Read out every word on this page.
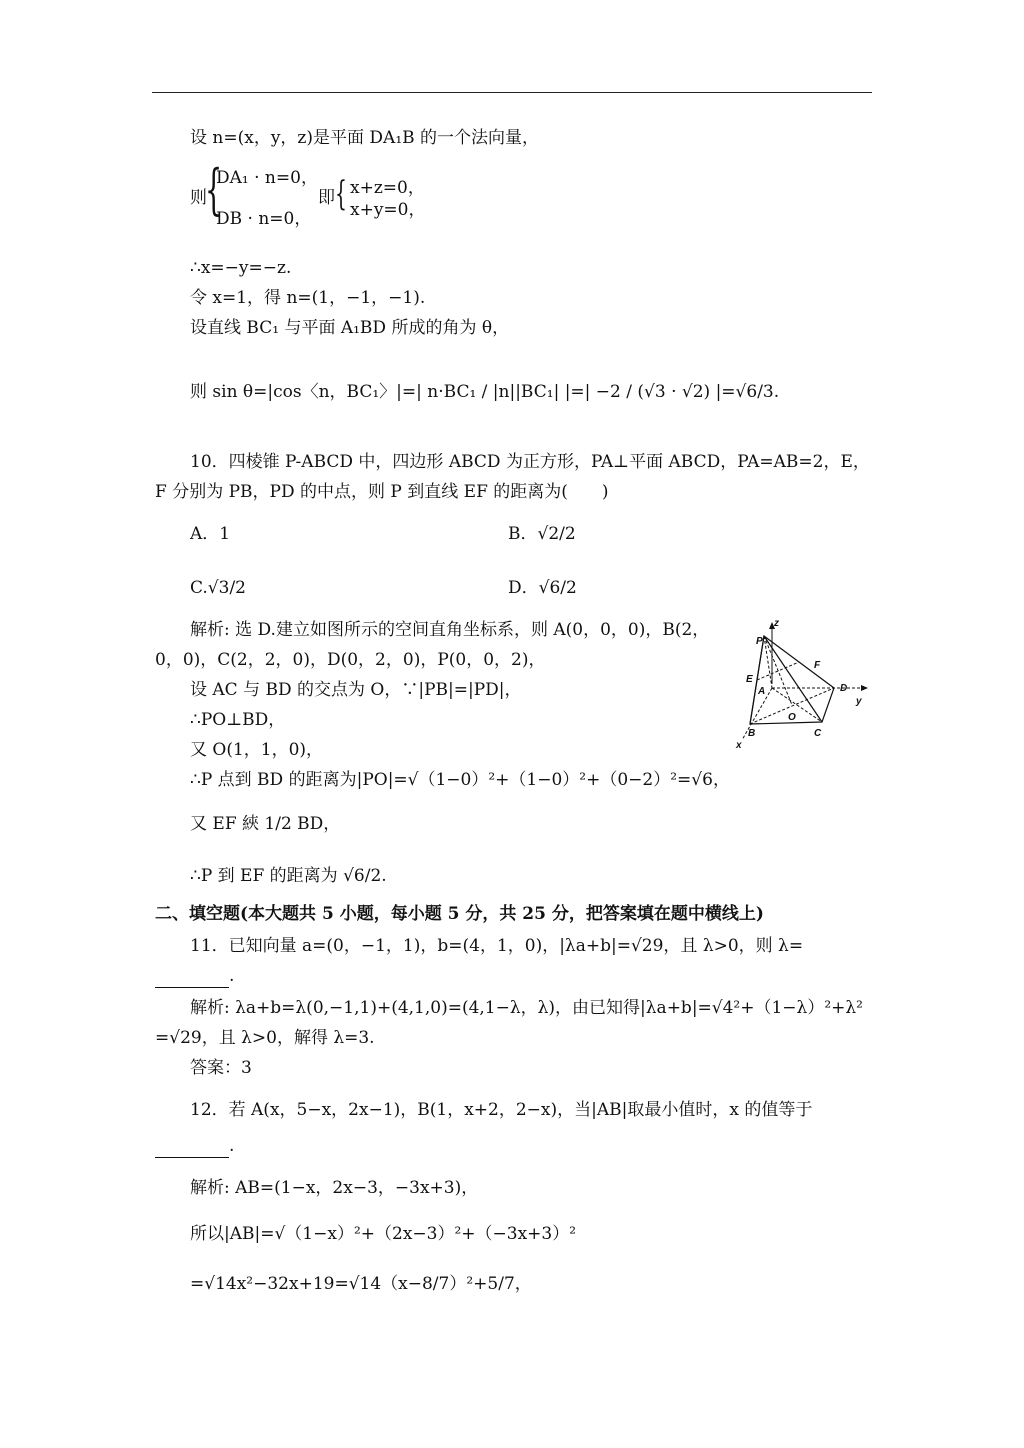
设 n=(x，y，z)是平面 DA₁B 的一个法向量，
则
{
DA₁ · n=0，
DB · n=0，
即 { x+z=0，
x+y=0，
∴x=−y=−z.
令 x=1，得 n=(1，−1，−1).
设直线 BC₁ 与平面 A₁BD 所成的角为 θ，
则 sin θ=|cos〈n，BC₁〉|=| n·BC₁ / |n||BC₁| |=| −2 / (√3 · √2) |=√6/3.
10．四棱锥 P-ABCD 中，四边形 ABCD 为正方形，PA⊥平面 ABCD，PA=AB=2，E，
F 分别为 PB，PD 的中点，则 P 到直线 EF 的距离为(　　)
A．1	B．√2/2
C.√3/2	D．√6/2
解析: 选 D.建立如图所示的空间直角坐标系，则 A(0，0，0)，B(2，
0，0)，C(2，2，0)，D(0，2，0)，P(0，0，2)，
设 AC 与 BD 的交点为 O，∵|PB|=|PD|，
∴PO⊥BD，
又 O(1，1，0)，
∴P 点到 BD 的距离为|PO|=√（1−0）²+（1−0）²+（0−2）²=√6，
又 EF 綊 1/2 BD，
∴P 到 EF 的距离为 √6/2.
z
P
F
E
A	D
y
O
B	C
x
二、填空题(本大题共 5 小题，每小题 5 分，共 25 分，把答案填在题中横线上)
11．已知向量 a=(0，−1，1)，b=(4，1，0)，|λa+b|=√29，且 λ>0，则 λ=
.
解析: λa+b=λ(0,−1,1)+(4,1,0)=(4,1−λ，λ)，由已知得|λa+b|=√4²+（1−λ）²+λ²
=√29，且 λ>0，解得 λ=3.
答案：3
12．若 A(x，5−x，2x−1)，B(1，x+2，2−x)，当|AB|取最小值时，x 的值等于
.
解析: AB=(1−x，2x−3，−3x+3)，
所以|AB|=√（1−x）²+（2x−3）²+（−3x+3）²
=√14x²−32x+19=√14（x−8/7）²+5/7，
